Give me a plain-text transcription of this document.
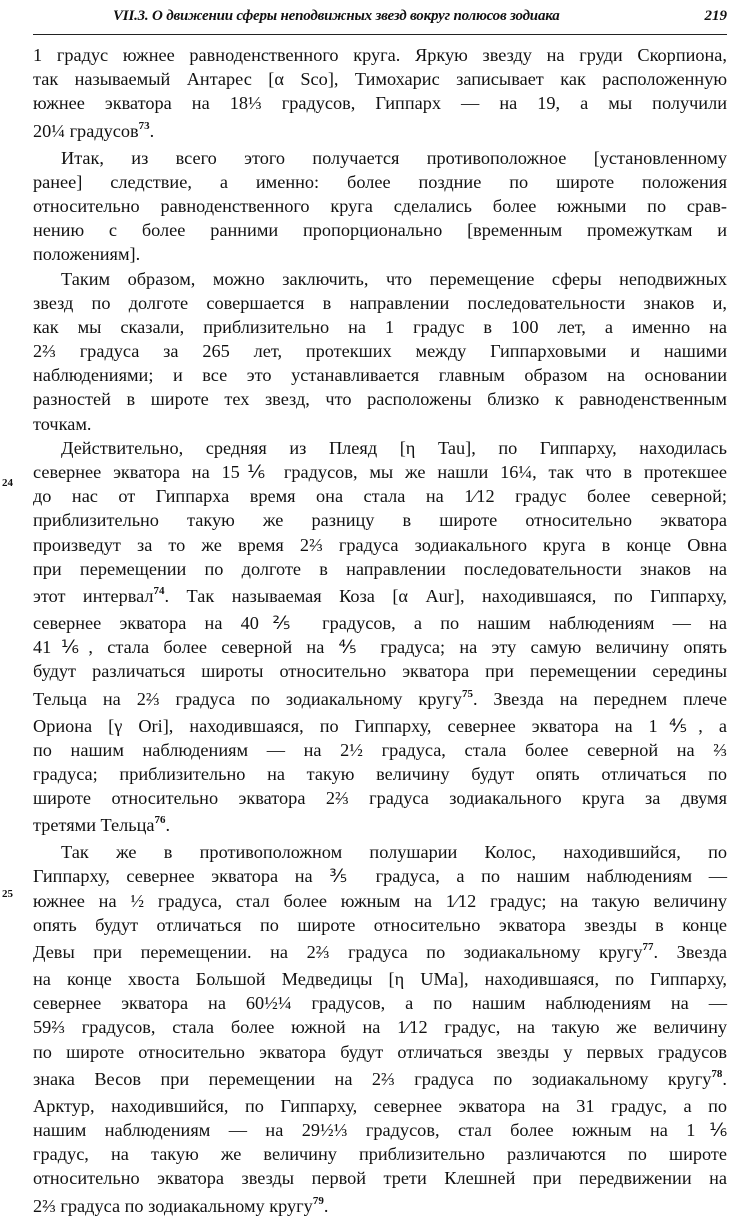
VII.3. О движении сферы неподвижных звезд вокруг полюсов зодиака	219
24
25
1 градус южнее равноденственного круга. Яркую звезду на груди Скорпиона,
так называемый Антарес [α Sco], Тимохарис записывает как расположенную
южнее экватора на 18⅓ градусов, Гиппарх — на 19, а мы получили
20¼ градусов$^{73}$.
Итак, из всего этого получается противоположное [установленному
ранее] следствие, а именно: более поздние по широте положения
относительно равноденственного круга сделались более южными по срав-
нению с более ранними пропорционально [временным промежуткам и
положениям].
Таким образом, можно заключить, что перемещение сферы неподвижных
звезд по долготе совершается в направлении последовательности знаков и,
как мы сказали, приблизительно на 1 градус в 100 лет, а именно на
2⅔ градуса за 265 лет, протекших между Гиппарховыми и нашими
наблюдениями; и все это устанавливается главным образом на основании
разностей в широте тех звезд, что расположены близко к равноденственным
точкам.
Действительно, средняя из Плеяд [η Tau], по Гиппарху, находилась
севернее экватора на 15⅙ градусов, мы же нашли 16¼, так что в протекшее
до нас от Гиппарха время она стала на 1⁄12 градус более северной;
приблизительно такую же разницу в широте относительно экватора
произведут за то же время 2⅔ градуса зодиакального круга в конце Овна
при перемещении по долготе в направлении последовательности знаков на
этот интервал$^{74}$. Так называемая Коза [α Aur], находившаяся, по Гиппарху,
севернее экватора на 40⅖ градусов, а по нашим наблюдениям — на
41⅙, стала более северной на ⅘ градуса; на эту самую величину опять
будут различаться широты относительно экватора при перемещении середины
Тельца на 2⅔ градуса по зодиакальному кругу$^{75}$. Звезда на переднем плече
Ориона [γ Ori], находившаяся, по Гиппарху, севернее экватора на 1⅘, а
по нашим наблюдениям — на 2½ градуса, стала более северной на ⅔
градуса; приблизительно на такую величину будут опять отличаться по
широте относительно экватора 2⅔ градуса зодиакального круга за двумя
третями Тельца$^{76}$.
Так же в противоположном полушарии Колос, находившийся, по
Гиппарху, севернее экватора на ⅗ градуса, а по нашим наблюдениям —
южнее на ½ градуса, стал более южным на 1⁄12 градус; на такую величину
опять будут отличаться по широте относительно экватора звезды в конце
Девы при перемещении. на 2⅔ градуса по зодиакальному кругу$^{77}$. Звезда
на конце хвоста Большой Медведицы [η UMa], находившаяся, по Гиппарху,
севернее экватора на 60½¼ градусов, а по нашим наблюдениям на —
59⅔ градусов, стала более южной на 1⁄12 градус, на такую же величину
по широте относительно экватора будут отличаться звезды у первых градусов
знака Весов при перемещении на 2⅔ градуса по зодиакальному кругу$^{78}$.
Арктур, находившийся, по Гиппарху, севернее экватора на 31 градус, а по
нашим наблюдениям — на 29½⅓ градусов, стал более южным на 1⅙
градус, на такую же величину приблизительно различаются по широте
относительно экватора звезды первой трети Клешней при передвижении на
2⅔ градуса по зодиакальному кругу$^{79}$.
